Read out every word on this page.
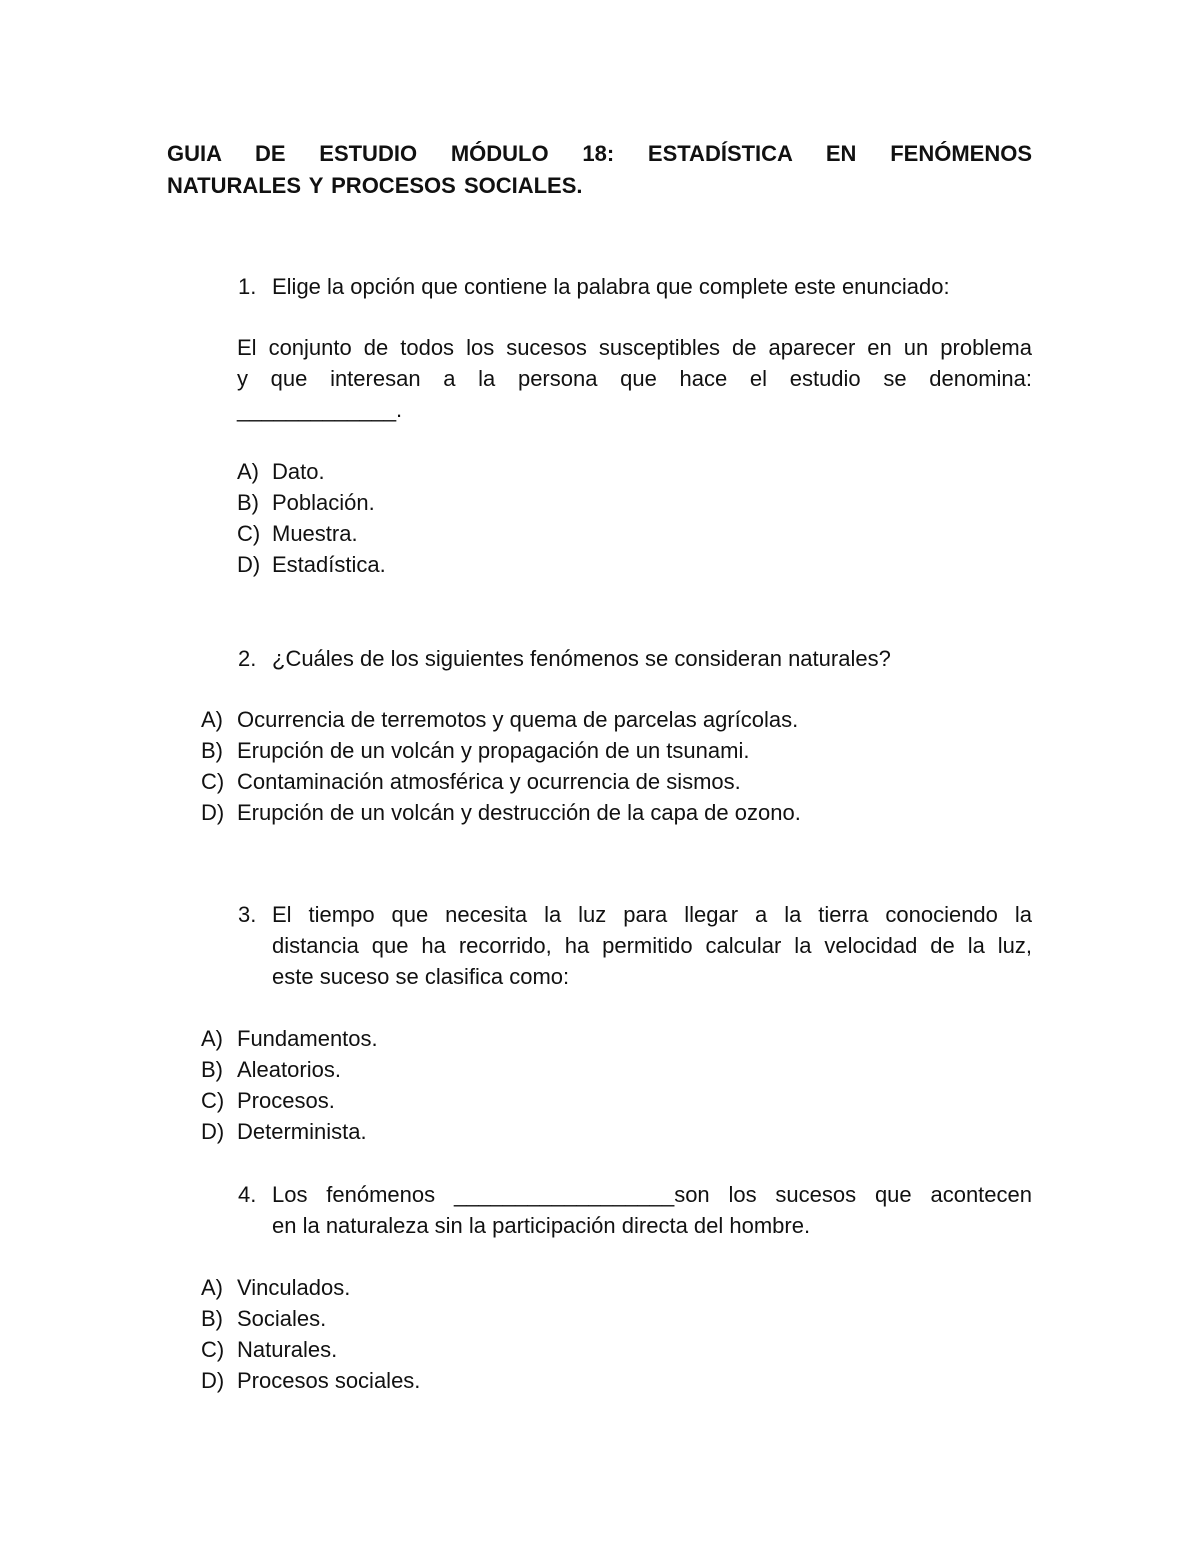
GUIA DE ESTUDIO MÓDULO 18: ESTADÍSTICA EN FENÓMENOS
NATURALES Y PROCESOS SOCIALES.
1. Elige la opción que contiene la palabra que complete este enunciado:
El conjunto de todos los sucesos susceptibles de aparecer en un problema
y que interesan a la persona que hace el estudio se denomina:
_____________.
A) Dato.
B) Población.
C) Muestra.
D) Estadística.
2. ¿Cuáles de los siguientes fenómenos se consideran naturales?
A) Ocurrencia de terremotos y quema de parcelas agrícolas.
B) Erupción de un volcán y propagación de un tsunami.
C) Contaminación atmosférica y ocurrencia de sismos.
D) Erupción de un volcán y destrucción de la capa de ozono.
3. El tiempo que necesita la luz para llegar a la tierra conociendo la
distancia que ha recorrido, ha permitido calcular la velocidad de la luz,
este suceso se clasifica como:
A) Fundamentos.
B) Aleatorios.
C) Procesos.
D) Determinista.
4. Los fenómenos __________________son los sucesos que acontecen
en la naturaleza sin la participación directa del hombre.
A) Vinculados.
B) Sociales.
C) Naturales.
D) Procesos sociales.
